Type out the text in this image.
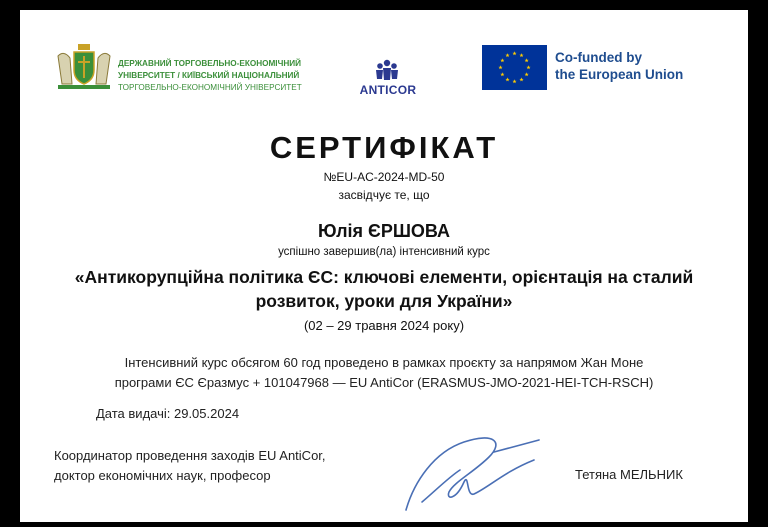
ДЕРЖАВНИЙ ТОРГОВЕЛЬНО-ЕКОНОМІЧНИЙ
УНІВЕРСИТЕТ / КИЇВСЬКИЙ НАЦІОНАЛЬНИЙ
ТОРГОВЕЛЬНО-ЕКОНОМІЧНИЙ УНІВЕРСИТЕТ	ANTICOR
Co-funded by
the European Union
СЕРТИФІКАТ
№EU-AC-2024-MD-50
засвідчує те, що
Юлія ЄРШОВА
успішно завершив(ла) інтенсивний курс
«Антикорупційна політика ЄС: ключові елементи, орієнтація на сталий
розвиток, уроки для України»
(02 – 29 травня 2024 року)
Інтенсивний курс обсягом 60 год проведено в рамках проєкту за напрямом Жан Моне
програми ЄС Єразмус + 101047968 — EU AntiCor (ERASMUS-JMO-2021-HEI-TCH-RSCH)
Дата видачі: 29.05.2024
Координатор проведення заходів EU AntiCor,
доктор економічних наук, професор	Тетяна МЕЛЬНИК
